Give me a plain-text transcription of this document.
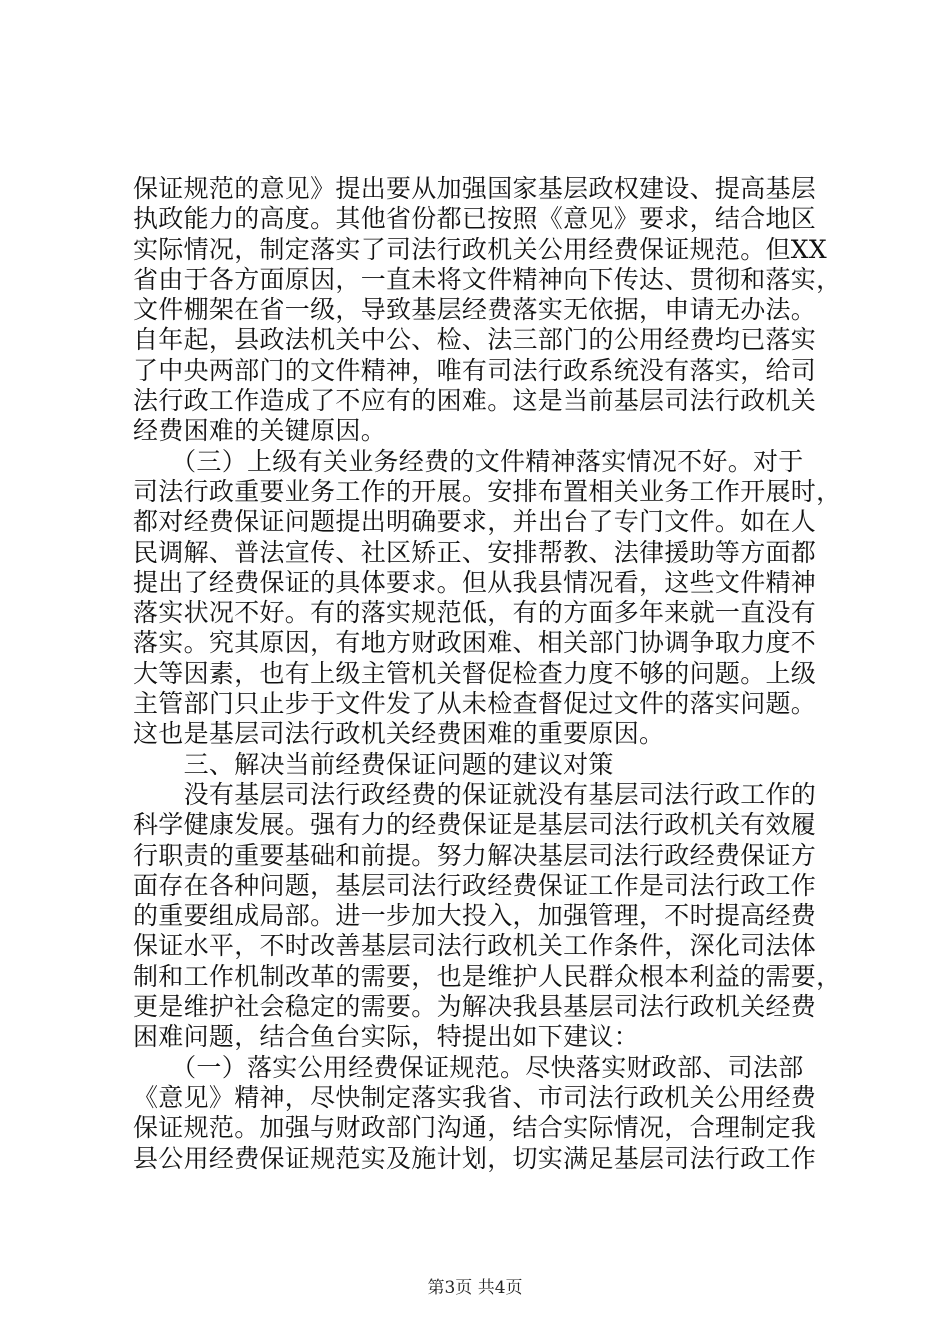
保证规范的意见》提出要从加强国家基层政权建设、提高基层
执政能力的高度。其他省份都已按照《意见》要求，结合地区
实际情况，制定落实了司法行政机关公用经费保证规范。但XX
省由于各方面原因，一直未将文件精神向下传达、贯彻和落实，
文件棚架在省一级，导致基层经费落实无依据，申请无办法。
自年起，县政法机关中公、检、法三部门的公用经费均已落实
了中央两部门的文件精神，唯有司法行政系统没有落实，给司
法行政工作造成了不应有的困难。这是当前基层司法行政机关
经费困难的关键原因。
　　（三）上级有关业务经费的文件精神落实情况不好。对于
司法行政重要业务工作的开展。安排布置相关业务工作开展时，
都对经费保证问题提出明确要求，并出台了专门文件。如在人
民调解、普法宣传、社区矫正、安排帮教、法律援助等方面都
提出了经费保证的具体要求。但从我县情况看，这些文件精神
落实状况不好。有的落实规范低，有的方面多年来就一直没有
落实。究其原因，有地方财政困难、相关部门协调争取力度不
大等因素，也有上级主管机关督促检查力度不够的问题。上级
主管部门只止步于文件发了从未检查督促过文件的落实问题。
这也是基层司法行政机关经费困难的重要原因。
　　三、解决当前经费保证问题的建议对策
　　没有基层司法行政经费的保证就没有基层司法行政工作的
科学健康发展。强有力的经费保证是基层司法行政机关有效履
行职责的重要基础和前提。努力解决基层司法行政经费保证方
面存在各种问题，基层司法行政经费保证工作是司法行政工作
的重要组成局部。进一步加大投入，加强管理，不时提高经费
保证水平，不时改善基层司法行政机关工作条件，深化司法体
制和工作机制改革的需要，也是维护人民群众根本利益的需要，
更是维护社会稳定的需要。为解决我县基层司法行政机关经费
困难问题，结合鱼台实际，特提出如下建议：
　　（一）落实公用经费保证规范。尽快落实财政部、司法部
《意见》精神，尽快制定落实我省、市司法行政机关公用经费
保证规范。加强与财政部门沟通，结合实际情况，合理制定我
县公用经费保证规范实及施计划，切实满足基层司法行政工作
第3页 共4页
